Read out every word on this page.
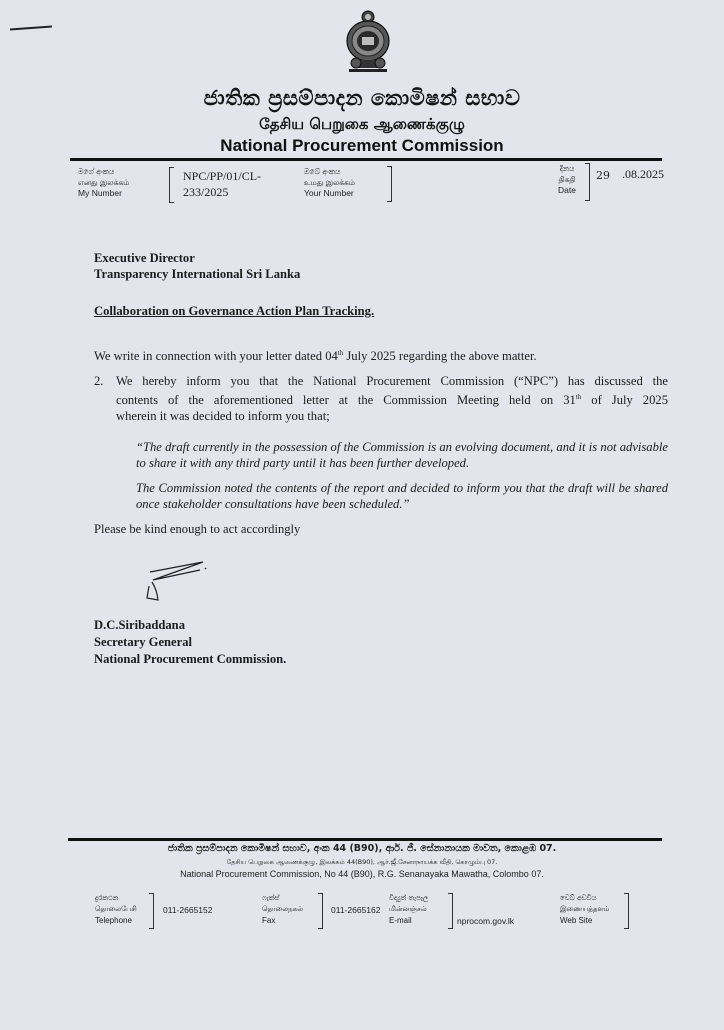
ජාතික ප්‍රසම්පාදන කොමිෂන් සභාව
தேசிய பெறுகை ஆணைக்குழு
National Procurement Commission
මගේ අංකය
எனது இலக்கம்
My Number
NPC/PP/01/CL-
233/2025
ඔබේ අංකය
உமது இலக்கம்
Your Number
දිනය
திகதி
Date
29 .08.2025
Executive Director
Transparency International Sri Lanka
Collaboration on Governance Action Plan Tracking.
We write in connection with your letter dated 04th July 2025 regarding the above matter.
2. We hereby inform you that the National Procurement Commission (“NPC”) has discussed the
contents of the aforementioned letter at the Commission Meeting held on 31th of July 2025
wherein it was decided to inform you that;
“The draft currently in the possession of the Commission is an evolving document, and it is not advisable to share it with any third party until it has been further developed.
The Commission noted the contents of the report and decided to inform you that the draft will be shared once stakeholder consultations have been scheduled.”
Please be kind enough to act accordingly
D.C.Siribaddana
Secretary General
National Procurement Commission.
ජාතික ප්‍රසම්පාදන කොමිෂන් සභාව, අංක 44 (B90), ආර්. ජී. සේනානායක මාවත, කොළඹ 07.
தேசிய பெறுகை ஆணைக்குழு, இலக்கம் 44(B90), ஆர்.ஜீ.சேனாநாயக்க வீதி, கொழும்பு 07.
National Procurement Commission, No 44 (B90), R.G. Senanayaka Mawatha, Colombo 07.
දුරකථන
தொலைபேசி
Telephone
011-2665152
ෆැක්ස්
தொலைநகல்
Fax
011-2665162
විද්‍යුත් තැපෑල
மின்னஞ்சல்
E-mail	nprocom.gov.lk
වෙබ් අඩවිය
இணையத்தளம்
Web Site
